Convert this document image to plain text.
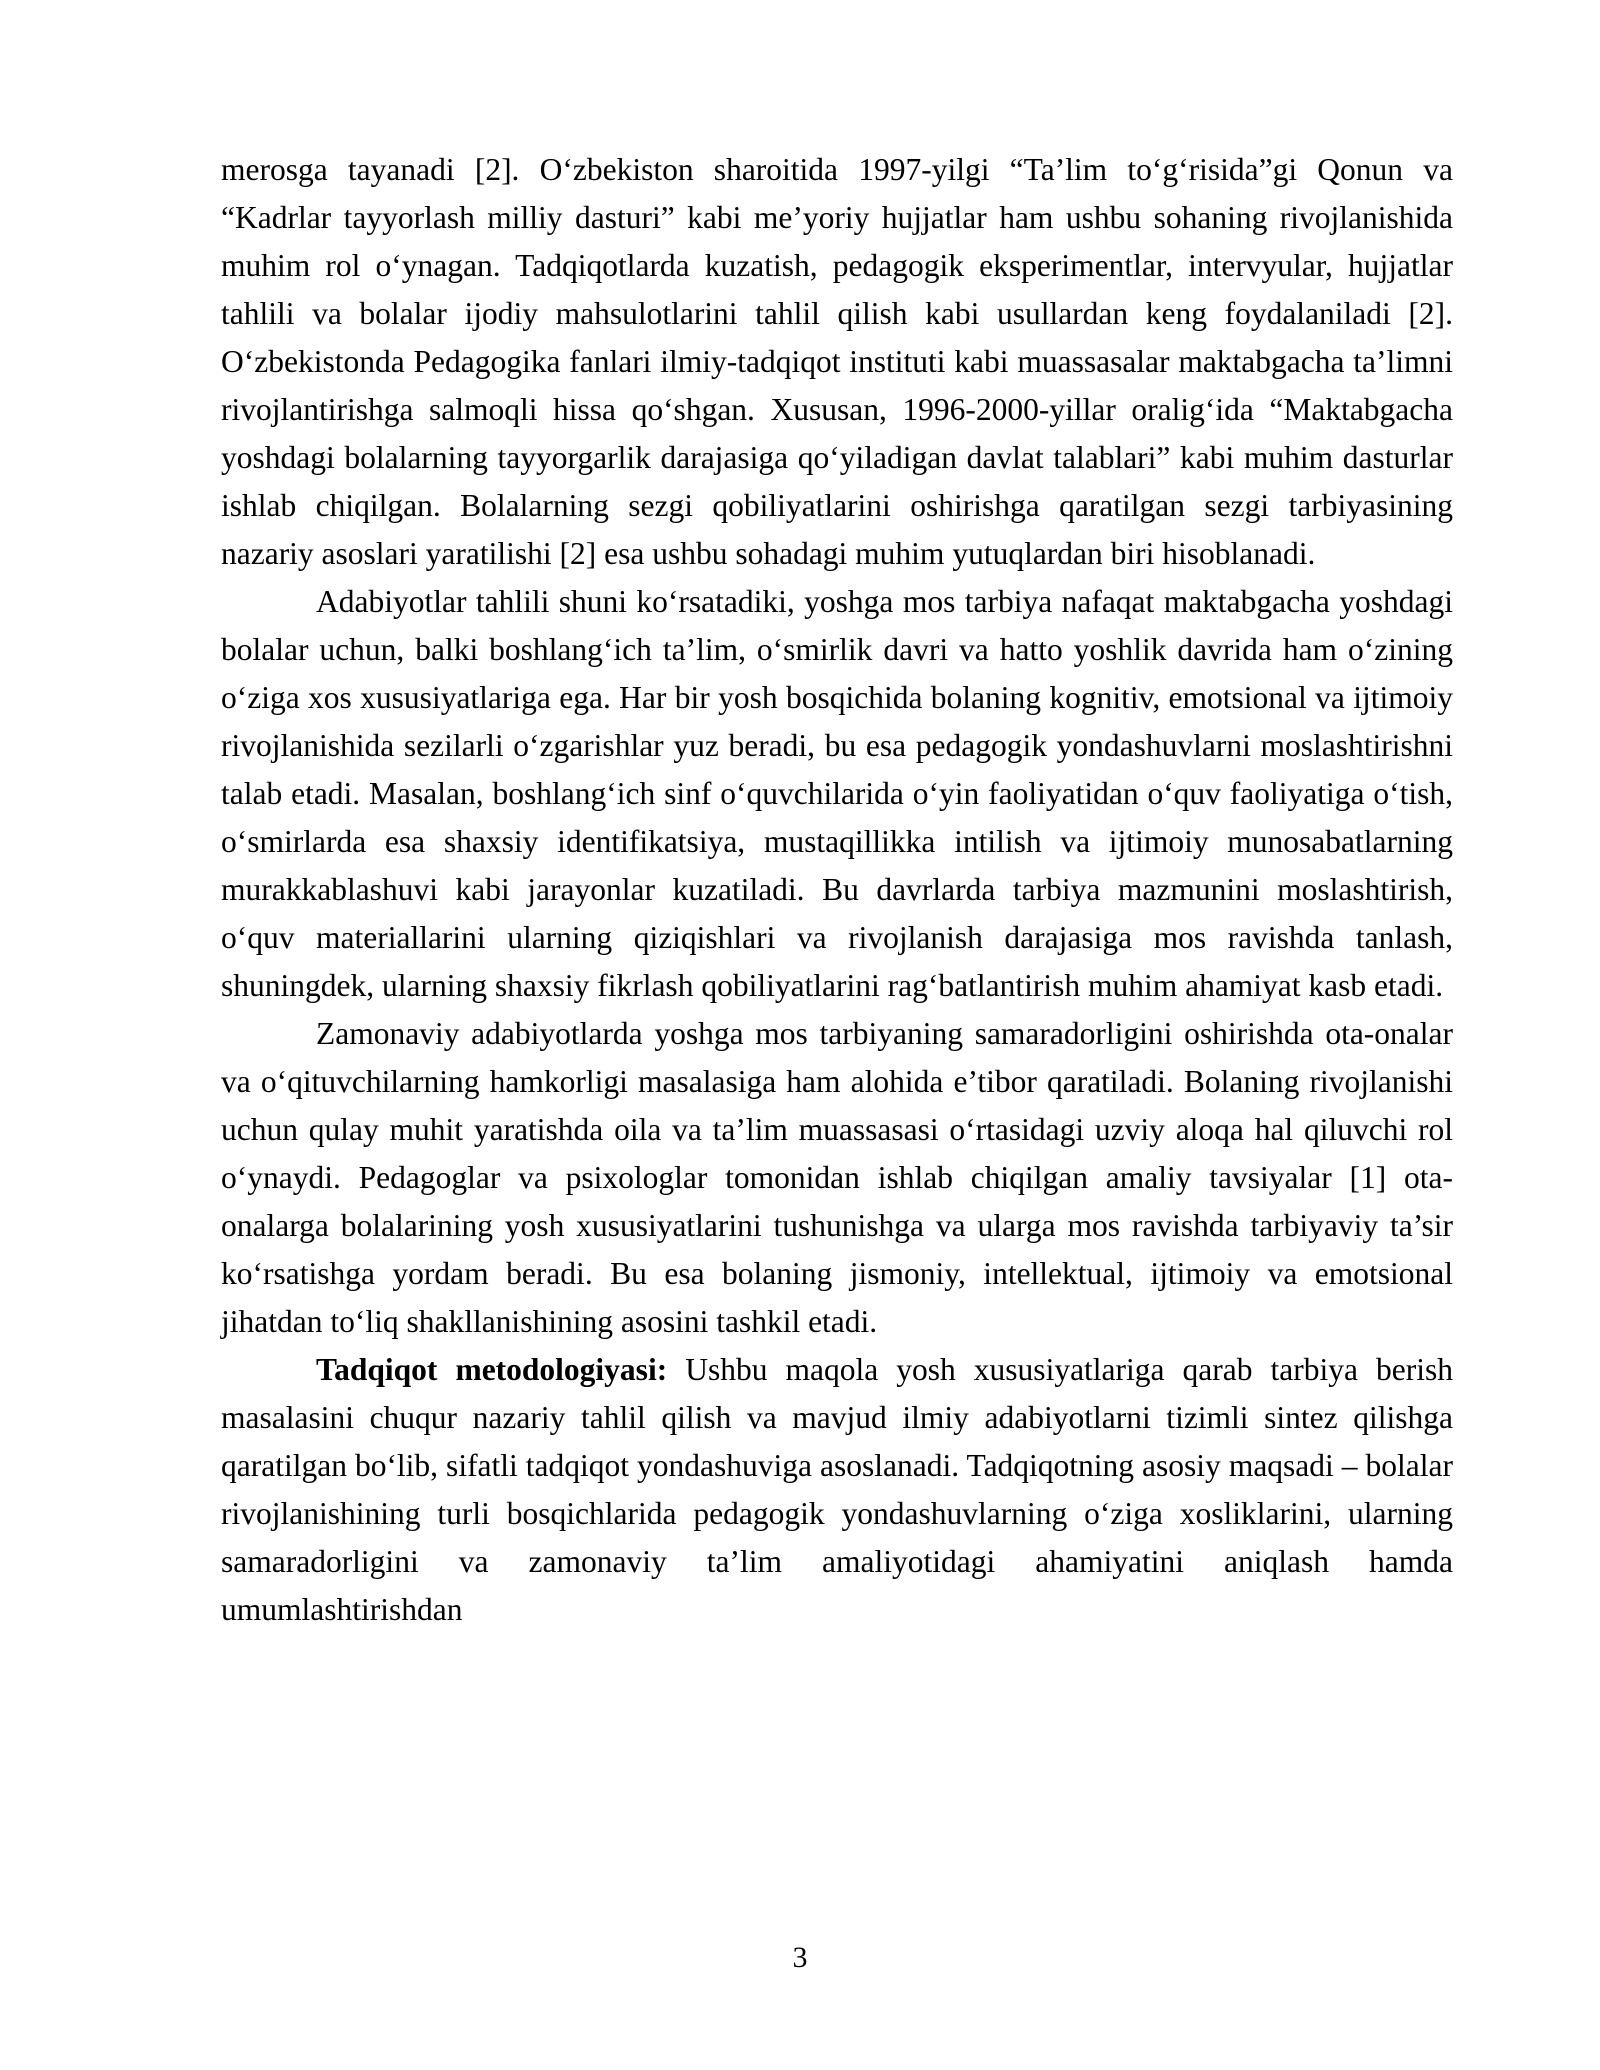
merosga tayanadi [2]. O‘zbekiston sharoitida 1997-yilgi “Ta’lim to‘g‘risida”gi Qonun va “Kadrlar tayyorlash milliy dasturi” kabi me’yoriy hujjatlar ham ushbu sohaning rivojlanishida muhim rol o‘ynagan. Tadqiqotlarda kuzatish, pedagogik eksperimentlar, intervyular, hujjatlar tahlili va bolalar ijodiy mahsulotlarini tahlil qilish kabi usullardan keng foydalaniladi [2]. O‘zbekistonda Pedagogika fanlari ilmiy-tadqiqot instituti kabi muassasalar maktabgacha ta’limni rivojlantirishga salmoqli hissa qo‘shgan. Xususan, 1996-2000-yillar oralig‘ida “Maktabgacha yoshdagi bolalarning tayyorgarlik darajasiga qo‘yiladigan davlat talablari” kabi muhim dasturlar ishlab chiqilgan. Bolalarning sezgi qobiliyatlarini oshirishga qaratilgan sezgi tarbiyasining nazariy asoslari yaratilishi [2] esa ushbu sohadagi muhim yutuqlardan biri hisoblanadi.

Adabiyotlar tahlili shuni ko‘rsatadiki, yoshga mos tarbiya nafaqat maktabgacha yoshdagi bolalar uchun, balki boshlang‘ich ta’lim, o‘smirlik davri va hatto yoshlik davrida ham o‘zining o‘ziga xos xususiyatlariga ega. Har bir yosh bosqichida bolaning kognitiv, emotsional va ijtimoiy rivojlanishida sezilarli o‘zgarishlar yuz beradi, bu esa pedagogik yondashuvlarni moslashtirishni talab etadi. Masalan, boshlang‘ich sinf o‘quvchilarida o‘yin faoliyatidan o‘quv faoliyatiga o‘tish, o‘smirlarda esa shaxsiy identifikatsiya, mustaqillikka intilish va ijtimoiy munosabatlarning murakkablashuvi kabi jarayonlar kuzatiladi. Bu davrlarda tarbiya mazmunini moslashtirish, o‘quv materiallarini ularning qiziqishlari va rivojlanish darajasiga mos ravishda tanlash, shuningdek, ularning shaxsiy fikrlash qobiliyatlarini rag‘batlantirish muhim ahamiyat kasb etadi.

Zamonaviy adabiyotlarda yoshga mos tarbiyaning samaradorligini oshirishda ota-onalar va o‘qituvchilarning hamkorligi masalasiga ham alohida e’tibor qaratiladi. Bolaning rivojlanishi uchun qulay muhit yaratishda oila va ta’lim muassasasi o‘rtasidagi uzviy aloqa hal qiluvchi rol o‘ynaydi. Pedagoglar va psixologlar tomonidan ishlab chiqilgan amaliy tavsiyalar [1] ota-onalarga bolalarining yosh xususiyatlarini tushunishga va ularga mos ravishda tarbiyaviy ta’sir ko‘rsatishga yordam beradi. Bu esa bolaning jismoniy, intellektual, ijtimoiy va emotsional jihatdan to‘liq shakllanishining asosini tashkil etadi.

Tadqiqot metodologiyasi: Ushbu maqola yosh xususiyatlariga qarab tarbiya berish masalasini chuqur nazariy tahlil qilish va mavjud ilmiy adabiyotlarni tizimli sintez qilishga qaratilgan bo‘lib, sifatli tadqiqot yondashuviga asoslanadi. Tadqiqotning asosiy maqsadi – bolalar rivojlanishining turli bosqichlarida pedagogik yondashuvlarning o‘ziga xosliklarini, ularning samaradorligini va zamonaviy ta’lim amaliyotidagi ahamiyatini aniqlash hamda umumlashtirishdan

3
